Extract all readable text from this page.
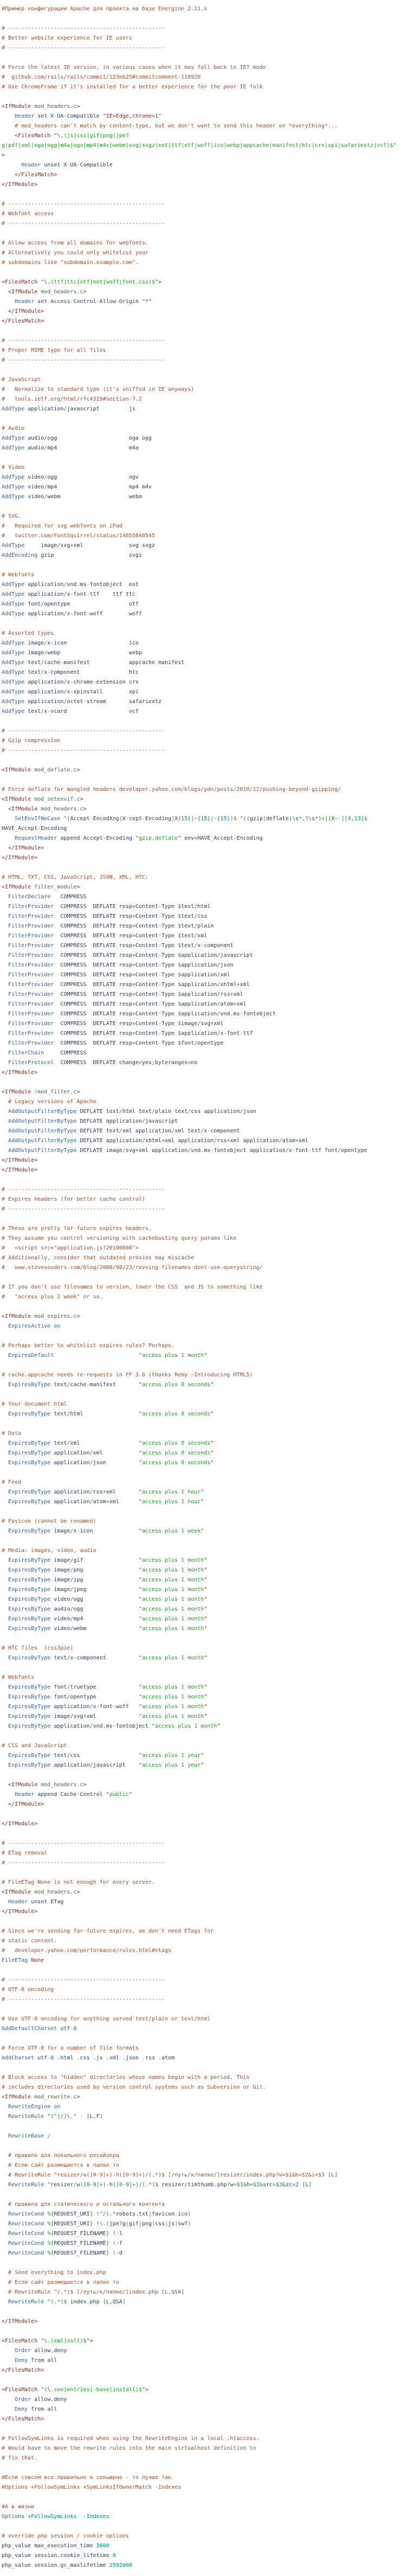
#Пример конфигурации Apache для проекта на базе Energine 2.11.x

# ------------------------------------------------
# Better website experience for IE users
# ------------------------------------------------

# Force the latest IE version, in various cases when it may fall back to IE7 mode
#  github.com/rails/rails/commit/123eb25#commitcomment-118920
# Use ChromeFrame if it's installed for a better experience for the poor IE folk

<IfModule mod_headers.c>
Header set X-UA-Compatible "IE=Edge,chrome=1"
# mod_headers can't match by content-type, but we don't want to send this header on *everything*...
<FilesMatch "\.(js|css|gif|png|jpe?
g|pdf|xml|oga|ogg|m4a|ogv|mp4|m4v|webm|svg|svgz|eot|ttf|otf|woff|ico|webp|appcache|manifest|htc|crx|xpi|safariextz|vcf)$"
>
Header unset X-UA-Compatible
</FilesMatch>
</IfModule>

# ------------------------------------------------
# Webfont access
# ------------------------------------------------

# Allow access from all domains for webfonts.
# Alternatively you could only whitelist your
# subdomains like "subdomain.example.com".

<FilesMatch "\.(ttf|ttc|otf|eot|woff|font.css)$">
<IfModule mod_headers.c>
Header set Access-Control-Allow-Origin "*"
</IfModule>
</FilesMatch>

# ------------------------------------------------
# Proper MIME type for all files
# ------------------------------------------------

# JavaScript
#   Normalize to standard type (it's sniffed in IE anyways)
#   tools.ietf.org/html/rfc4329#section-7.2
AddType application/javascript	js

# Audio
AddType audio/ogg	oga ogg
AddType audio/mp4	m4a

# Video
AddType video/ogg	ogv
AddType video/mp4	mp4 m4v
AddType video/webm	webm

# SVG.
#   Required for svg webfonts on iPad
#   twitter.com/FontSquirrel/status/14855840545
AddType	image/svg+xml	svg svgz
AddEncoding gzip	svgz

# Webfonts
AddType application/vnd.ms-fontobject eot
AddType application/x-font-ttf ttf ttc
AddType font/opentype	otf
AddType application/x-font-woff	woff

# Assorted types
AddType image/x-icon	ico
AddType image/webp	webp
AddType text/cache-manifest	appcache manifest
AddType text/x-component	htc
AddType application/x-chrome-extension crx
AddType application/x-xpinstall	xpi
AddType application/octet-stream	safariextz
AddType text/x-vcard	vcf

# ------------------------------------------------
# Gzip compression
# ------------------------------------------------

<IfModule mod_deflate.c>

# Force deflate for mangled headers developer.yahoo.com/blogs/ydn/posts/2010/12/pushing-beyond-gzipping/
<IfModule mod_setenvif.c>
<IfModule mod_headers.c>
SetEnvIfNoCase ^(Accept-EncodXng|X-cept-Encoding|X{15}|~{15}|-{15})$ ^((gzip|deflate)\s*,?\s*)+|[X~-]{4,13}$
HAVE_Accept-Encoding
RequestHeader append Accept-Encoding "gzip,deflate" env=HAVE_Accept-Encoding
</IfModule>
</IfModule>

# HTML, TXT, CSS, JavaScript, JSON, XML, HTC:
<IfModule filter_module>
FilterDeclare COMPRESS
FilterProvider COMPRESS DEFLATE resp=Content-Type $text/html
FilterProvider COMPRESS DEFLATE resp=Content-Type $text/css
FilterProvider COMPRESS DEFLATE resp=Content-Type $text/plain
FilterProvider COMPRESS DEFLATE resp=Content-Type $text/xml
FilterProvider COMPRESS DEFLATE resp=Content-Type $text/x-component
FilterProvider COMPRESS DEFLATE resp=Content-Type $application/javascript
FilterProvider COMPRESS DEFLATE resp=Content-Type $application/json
FilterProvider COMPRESS DEFLATE resp=Content-Type $application/xml
FilterProvider COMPRESS DEFLATE resp=Content-Type $application/xhtml+xml
FilterProvider COMPRESS DEFLATE resp=Content-Type $application/rss+xml
FilterProvider COMPRESS DEFLATE resp=Content-Type $application/atom+xml
FilterProvider COMPRESS DEFLATE resp=Content-Type $application/vnd.ms-fontobject
FilterProvider COMPRESS DEFLATE resp=Content-Type $image/svg+xml
FilterProvider COMPRESS DEFLATE resp=Content-Type $application/x-font-ttf
FilterProvider COMPRESS DEFLATE resp=Content-Type $font/opentype
FilterChain	COMPRESS
FilterProtocol COMPRESS DEFLATE change=yes;byteranges=no
</IfModule>

<IfModule !mod_filter.c>
# Legacy versions of Apache
AddOutputFilterByType DEFLATE text/html text/plain text/css application/json
AddOutputFilterByType DEFLATE application/javascript
AddOutputFilterByType DEFLATE text/xml application/xml text/x-component
AddOutputFilterByType DEFLATE application/xhtml+xml application/rss+xml application/atom+xml
AddOutputFilterByType DEFLATE image/svg+xml application/vnd.ms-fontobject application/x-font-ttf font/opentype
</IfModule>
</IfModule>

# ------------------------------------------------
# Expires headers (for better cache control)
# ------------------------------------------------

# These are pretty far-future expires headers.
# They assume you control versioning with cachebusting query params like
#   <script src="application.js?20100608">
# Additionally, consider that outdated proxies may miscache
#   www.stevesouders.com/blog/2008/08/23/revving-filenames-dont-use-querystring/

# If you don't use filenames to version, lower the CSS  and JS to something like
#   "access plus 1 week" or so.

<IfModule mod_expires.c>
ExpiresActive on

# Perhaps better to whitelist expires rules? Perhaps.
ExpiresDefault	"access plus 1 month"

# cache.appcache needs re-requests in FF 3.6 (thanks Remy ~Introducing HTML5)
ExpiresByType text/cache-manifest	"access plus 0 seconds"

# Your document html
ExpiresByType text/html	"access plus 0 seconds"

# Data
ExpiresByType text/xml	"access plus 0 seconds"
ExpiresByType application/xml	"access plus 0 seconds"
ExpiresByType application/json	"access plus 0 seconds"

# Feed
ExpiresByType application/rss+xml	"access plus 1 hour"
ExpiresByType application/atom+xml	"access plus 1 hour"

# Favicon (cannot be renamed)
ExpiresByType image/x-icon	"access plus 1 week"

# Media: images, video, audio
ExpiresByType image/gif	"access plus 1 month"
ExpiresByType image/png	"access plus 1 month"
ExpiresByType image/jpg	"access plus 1 month"
ExpiresByType image/jpeg	"access plus 1 month"
ExpiresByType video/ogg	"access plus 1 month"
ExpiresByType audio/ogg	"access plus 1 month"
ExpiresByType video/mp4	"access plus 1 month"
ExpiresByType video/webm	"access plus 1 month"

# HTC files  (css3pie)
ExpiresByType text/x-component	"access plus 1 month"

# Webfonts
ExpiresByType font/truetype	"access plus 1 month"
ExpiresByType font/opentype	"access plus 1 month"
ExpiresByType application/x-font-woff "access plus 1 month"
ExpiresByType image/svg+xml	"access plus 1 month"
ExpiresByType application/vnd.ms-fontobject "access plus 1 month"

# CSS and JavaScript
ExpiresByType text/css	"access plus 1 year"
ExpiresByType application/javascript "access plus 1 year"

<IfModule mod_headers.c>
Header append Cache-Control "public"
</IfModule>

</IfModule>

# ------------------------------------------------
# ETag removal
# ------------------------------------------------

# FileETag None is not enough for every server.
<IfModule mod_headers.c>
Header unset ETag
</IfModule>

# Since we're sending far-future expires, we don't need ETags for
# static content.
#   developer.yahoo.com/performance/rules.html#etags
FileETag None

# ------------------------------------------------
# UTF-8 encoding
# ------------------------------------------------

# Use UTF-8 encoding for anything served text/plain or text/html
AddDefaultCharset utf-8

# Force UTF-8 for a number of file formats
AddCharset utf-8 .html .css .js .xml .json .rss .atom

# Block access to "hidden" directories whose names begin with a period. This
# includes directories used by version control systems such as Subversion or Git.
<IfModule mod_rewrite.c>
RewriteEngine on
RewriteRule "(^|/)\." - [L,F]

RewriteBase /

# правило для локального ресайзера
# Если сайт размещается в папке то
# RewriteRule ^resizer/w([0-9]+)-h([0-9]+)/(.*)$ [/путь/к/папке/]resizer/index.php?w=$1&h=$2&i=$3 [L]
RewriteRule ^resizer/w([0-9]+)-h([0-9]+)/(.*)$ resizer/timthumb.php?w=$1&h=$2&src=$3&zc=2 [L]

# правила для статического и остального контента
RewriteCond %{REQUEST_URI} !^/(.*robots.txt|favicon.ico)
RewriteCond %{REQUEST_URI} !\.(jpe?g|gif|png|css|js|swf)
RewriteCond %{REQUEST_FILENAME} !-l
RewriteCond %{REQUEST_FILENAME} !-f
RewriteCond %{REQUEST_FILENAME} !-d

# Send everything to index.php
# Если сайт размещается в папке то
# RewriteRule ^(.*)$ [/путь/к/папке/]index.php [L,QSA]
RewriteRule ^(.*)$ index.php [L,QSA]

</IfModule>

<FilesMatch "\.(xml|xslt)$">
Order allow,deny
Deny from all
</FilesMatch>

<FilesMatch "(\.svn|entries|-base|install)$">
Order allow,deny
Deny from all
</FilesMatch>

# FollowSymLinks is required when using the RewriteEngine in a local .htaccess.
# Would have to move the rewrite rules into the main virtualhost definition to
# fix that.

#Если совсем все правильно и секьюрно - то лучше так
#Options +FollowSymLinks +SymLinksIfOwnerMatch -Indexes

#А в жизни
Options +FollowSymLinks -Indexes

# override php session / cookie options
php_value max_execution_time 3600
php_value session.cookie_lifetime 0
php_value session.gc_maxlifetime 2592000
